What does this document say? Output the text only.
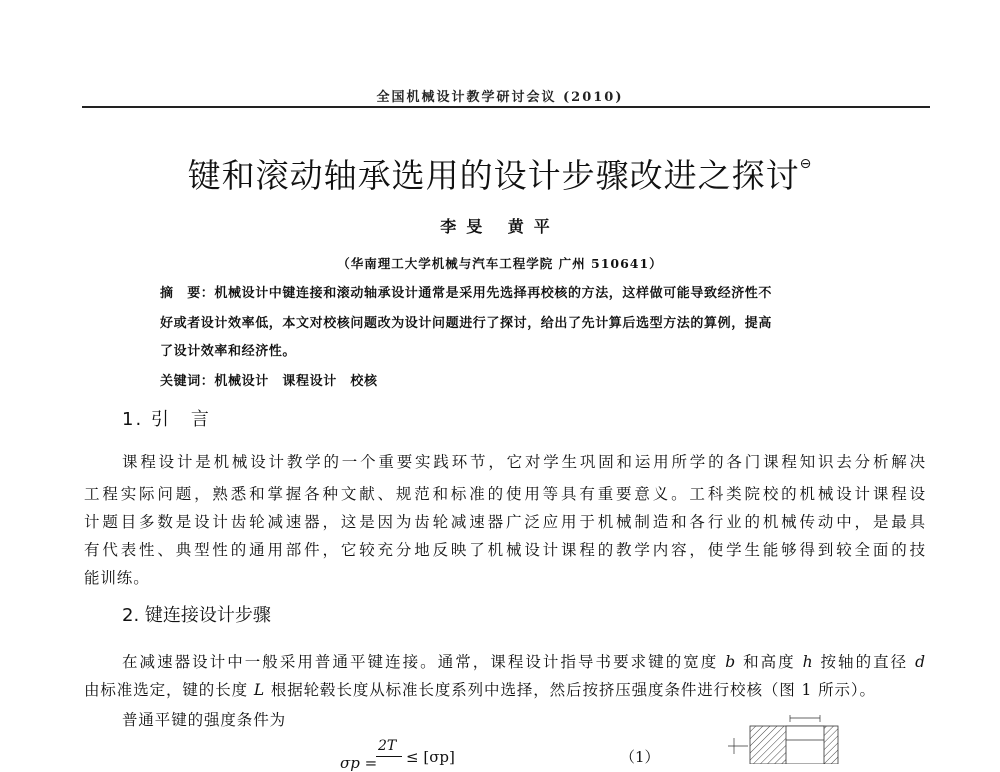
全国机械设计教学研讨会议 (2010)
键和滚动轴承选用的设计步骤改进之探讨⊖
李旻 黄平
（华南理工大学机械与汽车工程学院 广州 510641）
摘　要：机械设计中键连接和滚动轴承设计通常是采用先选择再校核的方法，这样做可能导致经济性不
好或者设计效率低，本文对校核问题改为设计问题进行了探讨，给出了先计算后选型方法的算例，提高
了设计效率和经济性。
关键词：机械设计　课程设计　校核
1. 引　言
课程设计是机械设计教学的一个重要实践环节，它对学生巩固和运用所学的各门课程知识去分析解决
工程实际问题，熟悉和掌握各种文献、规范和标准的使用等具有重要意义。工科类院校的机械设计课程设
计题目多数是设计齿轮减速器，这是因为齿轮减速器广泛应用于机械制造和各行业的机械传动中，是最具
有代表性、典型性的通用部件，它较充分地反映了机械设计课程的教学内容，使学生能够得到较全面的技
能训练。
2. 键连接设计步骤
在减速器设计中一般采用普通平键连接。通常，课程设计指导书要求键的宽度 b 和高度 h 按轴的直径 d
由标准选定，键的长度 L 根据轮毂长度从标准长度系列中选择，然后按挤压强度条件进行校核（图 1 所示）。
普通平键的强度条件为
σp =
2T
≤ [σp]	（1）
